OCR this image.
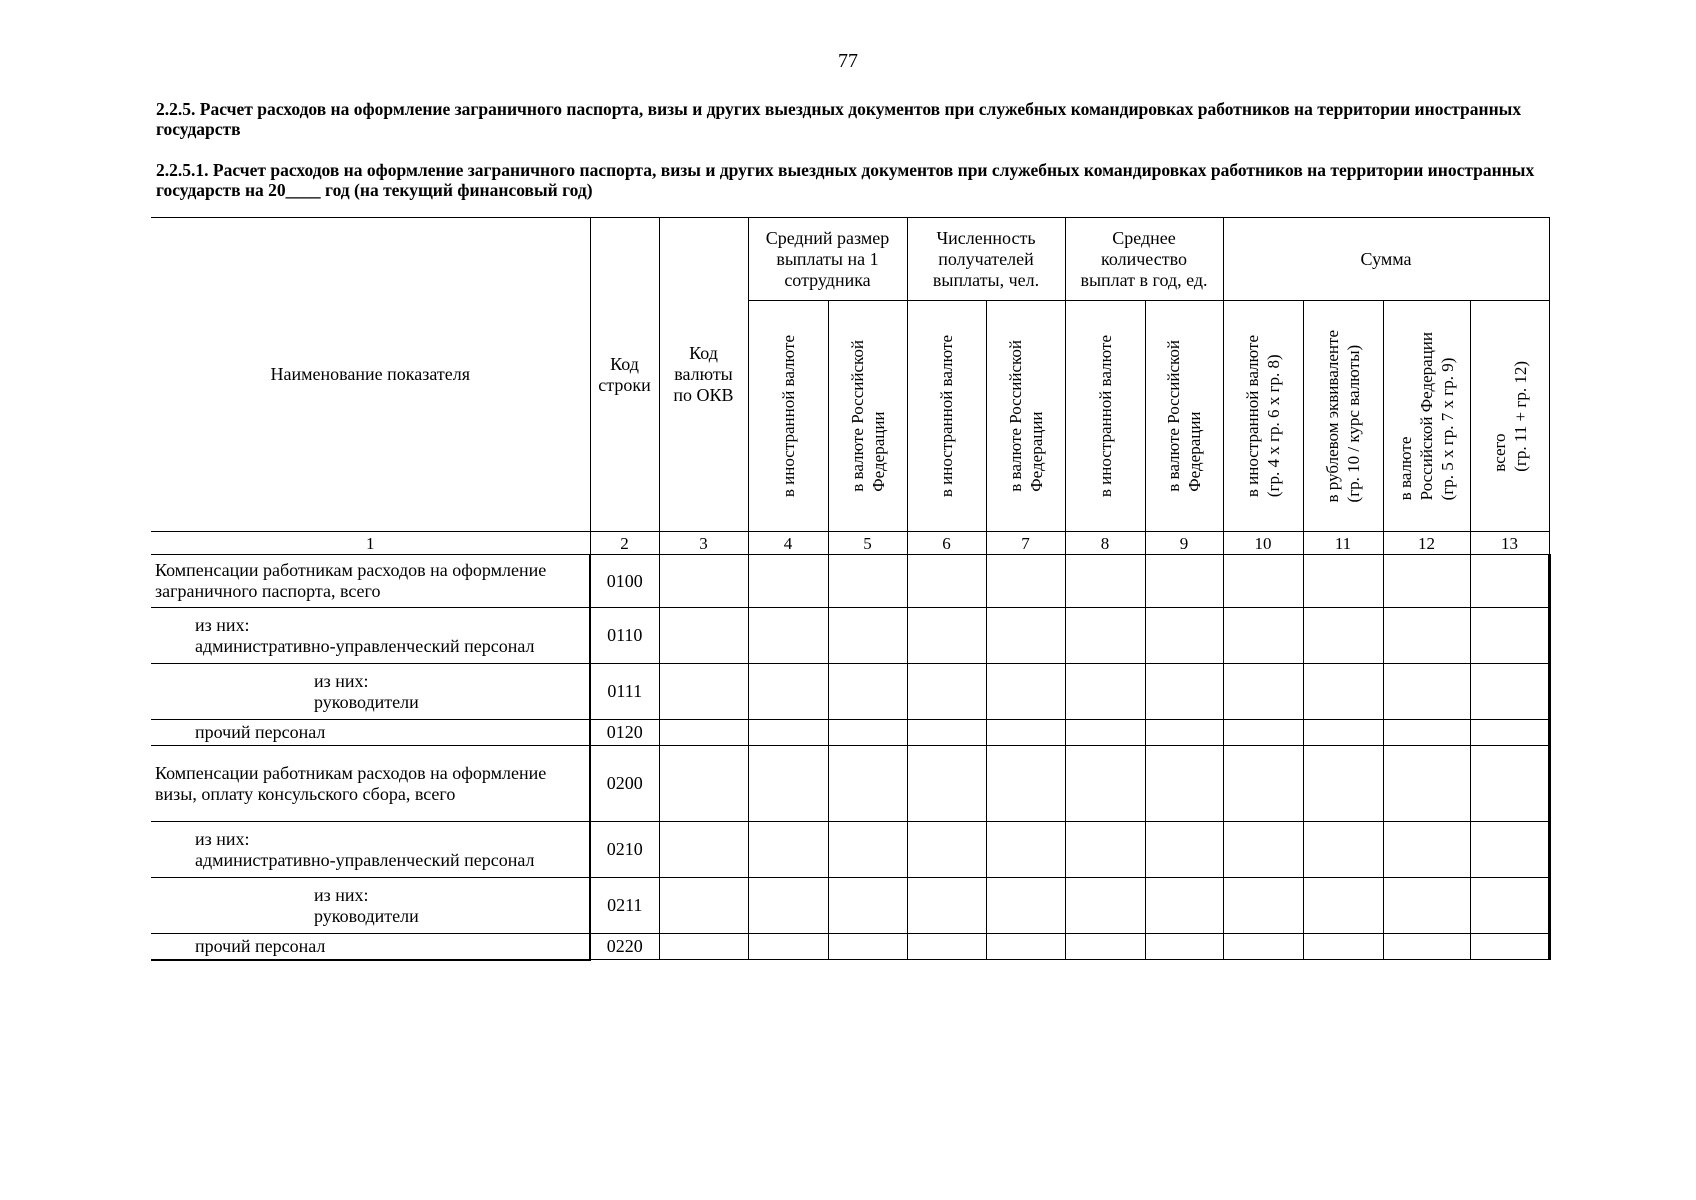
77
2.2.5. Расчет расходов на оформление заграничного паспорта, визы и других выездных документов при служебных командировках работников на территории иностранных государств
2.2.5.1. Расчет расходов на оформление заграничного паспорта, визы и других выездных документов при служебных командировках работников на территории иностранных государств на 20____ год (на текущий финансовый год)
Наименование показателя	Код строки	Код валюты по ОКВ	Средний размер выплаты на 1 сотрудника		Численность получателей выплаты, чел.		Среднее количество выплат в год, ед.		Сумма			

			в иностранной валюте	в валюте Российской Федерации	в иностранной валюте	в валюте Российской Федерации	в иностранной валюте	в валюте Российской Федерации	в иностранной валюте (гр. 4 х гр. 6 х гр. 8)	в рублевом эквиваленте (гр. 10 / курс валюты)	в валюте Российской Федерации (гр. 5 х гр. 7 х гр. 9)	всего (гр. 11 + гр. 12)

1	2	3	4	5	6	7	8	9	10	11	12	13
Компенсации работникам расходов на оформление заграничного паспорта, всего	0100											

из них:
административно-управленческий персонал	0110											

из них:
руководители	0111											
прочий персонал	0120											
Компенсации работникам расходов на оформление визы, оплату консульского сбора, всего	0200											

из них:
административно-управленческий персонал	0210											

из них:
руководители	0211											
прочий персонал	0220											
